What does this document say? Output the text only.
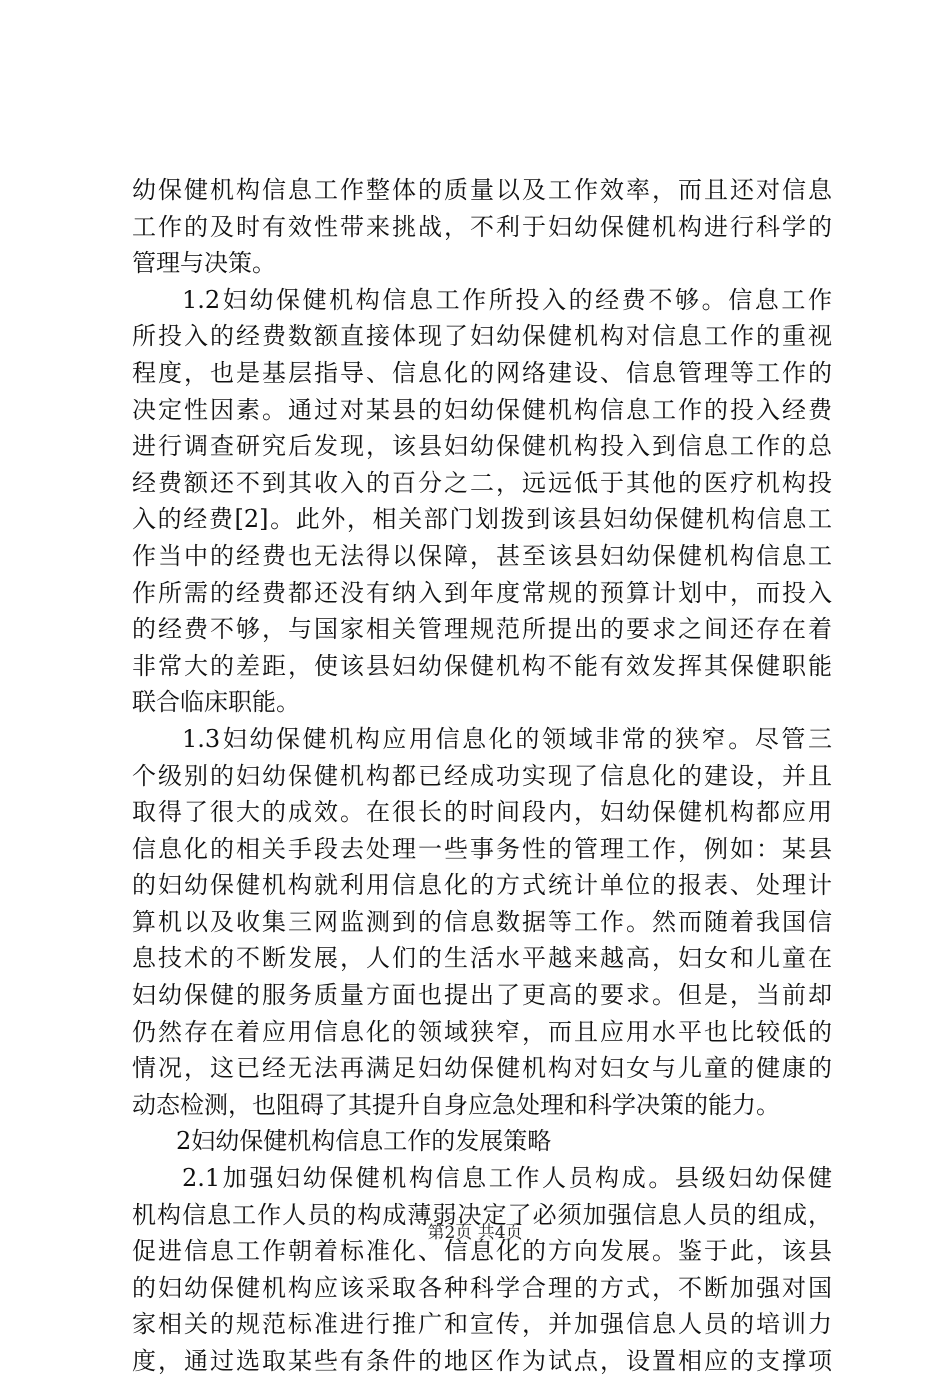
幼保健机构信息工作整体的质量以及工作效率，而且还对信息
工作的及时有效性带来挑战，不利于妇幼保健机构进行科学的
管理与决策。
1.2妇幼保健机构信息工作所投入的经费不够。信息工作
所投入的经费数额直接体现了妇幼保健机构对信息工作的重视
程度，也是基层指导、信息化的网络建设、信息管理等工作的
决定性因素。通过对某县的妇幼保健机构信息工作的投入经费
进行调查研究后发现，该县妇幼保健机构投入到信息工作的总
经费额还不到其收入的百分之二，远远低于其他的医疗机构投
入的经费[2]。此外，相关部门划拨到该县妇幼保健机构信息工
作当中的经费也无法得以保障，甚至该县妇幼保健机构信息工
作所需的经费都还没有纳入到年度常规的预算计划中，而投入
的经费不够，与国家相关管理规范所提出的要求之间还存在着
非常大的差距，使该县妇幼保健机构不能有效发挥其保健职能
联合临床职能。
1.3妇幼保健机构应用信息化的领域非常的狭窄。尽管三
个级别的妇幼保健机构都已经成功实现了信息化的建设，并且
取得了很大的成效。在很长的时间段内，妇幼保健机构都应用
信息化的相关手段去处理一些事务性的管理工作，例如：某县
的妇幼保健机构就利用信息化的方式统计单位的报表、处理计
算机以及收集三网监测到的信息数据等工作。然而随着我国信
息技术的不断发展，人们的生活水平越来越高，妇女和儿童在
妇幼保健的服务质量方面也提出了更高的要求。但是，当前却
仍然存在着应用信息化的领域狭窄，而且应用水平也比较低的
情况，这已经无法再满足妇幼保健机构对妇女与儿童的健康的
动态检测，也阻碍了其提升自身应急处理和科学决策的能力。
2妇幼保健机构信息工作的发展策略
2.1加强妇幼保健机构信息工作人员构成。县级妇幼保健
机构信息工作人员的构成薄弱决定了必须加强信息人员的组成，
促进信息工作朝着标准化、信息化的方向发展。鉴于此，该县
的妇幼保健机构应该采取各种科学合理的方式，不断加强对国
家相关的规范标准进行推广和宣传，并加强信息人员的培训力
度，通过选取某些有条件的地区作为试点，设置相应的支撑项
第2页 共4页
